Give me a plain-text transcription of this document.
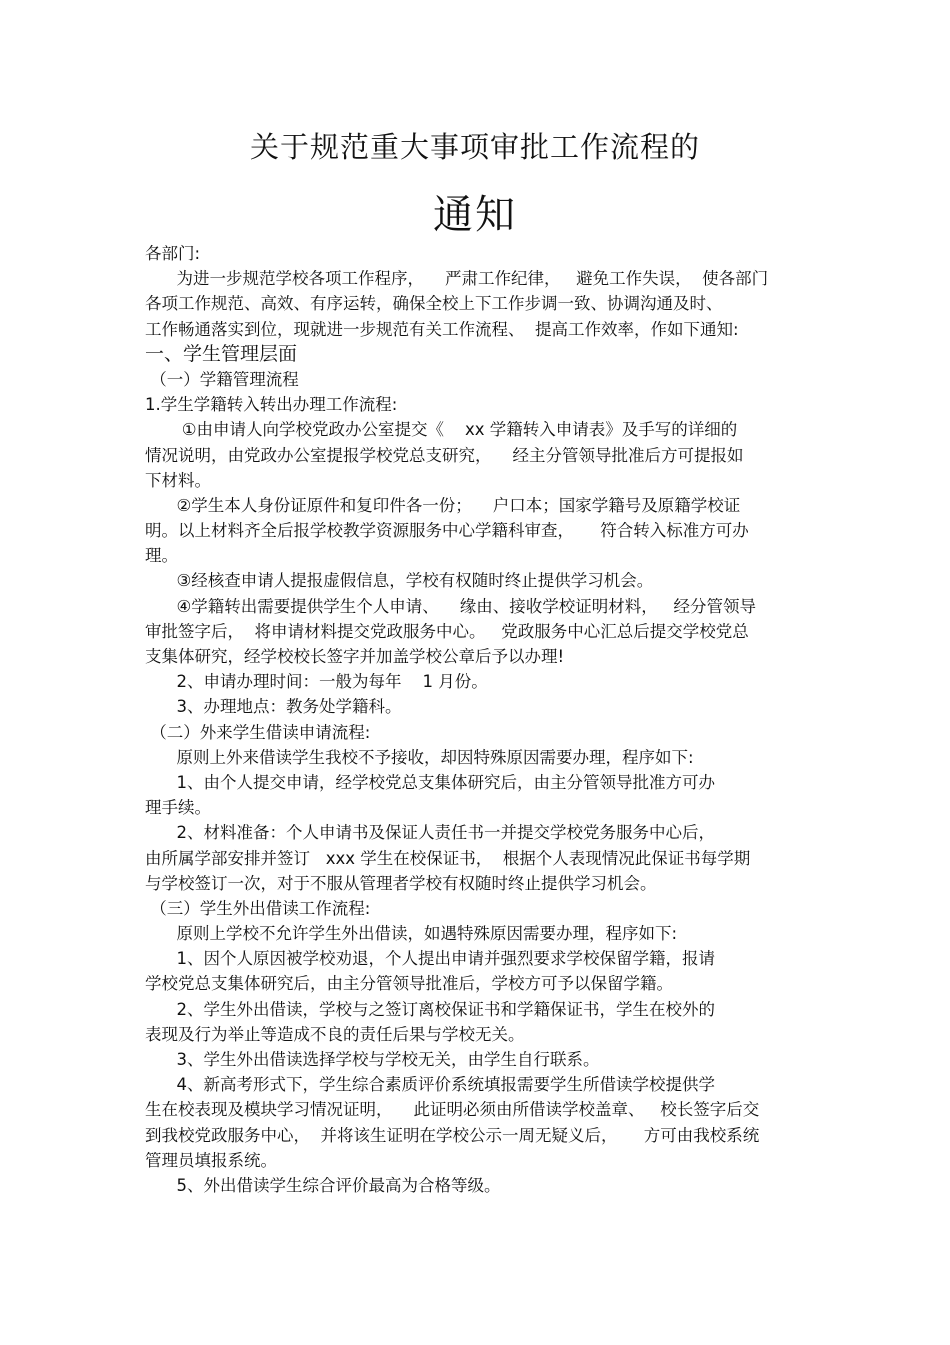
关于规范重大事项审批工作流程的
通知
各部门:
为进一步规范学校各项工作程序，    严肃工作纪律，   避免工作失误，  使各部门
各项工作规范、高效、有序运转，确保全校上下工作步调一致、协调沟通及时、
工作畅通落实到位，现就进一步规范有关工作流程、  提高工作效率，作如下通知:
一、学生管理层面
（一）学籍管理流程
1.学生学籍转入转出办理工作流程:
①由申请人向学校党政办公室提交《    xx 学籍转入申请表》及手写的详细的
情况说明，由党政办公室提报学校党总支研究，    经主分管领导批准后方可提报如
下材料。
②学生本人身份证原件和复印件各一份；    户口本；国家学籍号及原籍学校证
明。以上材料齐全后报学校教学资源服务中心学籍科审查，     符合转入标准方可办
理。
③经核查申请人提报虚假信息，学校有权随时终止提供学习机会。
④学籍转出需要提供学生个人申请、    缘由、接收学校证明材料，   经分管领导
审批签字后，  将申请材料提交党政服务中心。   党政服务中心汇总后提交学校党总
支集体研究，经学校校长签字并加盖学校公章后予以办理!
2、申请办理时间：一般为每年    1 月份。
3、办理地点：教务处学籍科。
（二）外来学生借读申请流程:
原则上外来借读学生我校不予接收，却因特殊原因需要办理，程序如下:
1、由个人提交申请，经学校党总支集体研究后，由主分管领导批准方可办
理手续。
2、材料准备：个人申请书及保证人责任书一并提交学校党务服务中心后，
由所属学部安排并签订   xxx 学生在校保证书，  根据个人表现情况此保证书每学期
与学校签订一次，对于不服从管理者学校有权随时终止提供学习机会。
（三）学生外出借读工作流程:
原则上学校不允许学生外出借读，如遇特殊原因需要办理，程序如下:
1、因个人原因被学校劝退，个人提出申请并强烈要求学校保留学籍，报请
学校党总支集体研究后，由主分管领导批准后，学校方可予以保留学籍。
2、学生外出借读，学校与之签订离校保证书和学籍保证书，学生在校外的
表现及行为举止等造成不良的责任后果与学校无关。
3、学生外出借读选择学校与学校无关，由学生自行联系。
4、新高考形式下，学生综合素质评价系统填报需要学生所借读学校提供学
生在校表现及模块学习情况证明，    此证明必须由所借读学校盖章、   校长签字后交
到我校党政服务中心，  并将该生证明在学校公示一周无疑义后，     方可由我校系统
管理员填报系统。
5、外出借读学生综合评价最高为合格等级。
